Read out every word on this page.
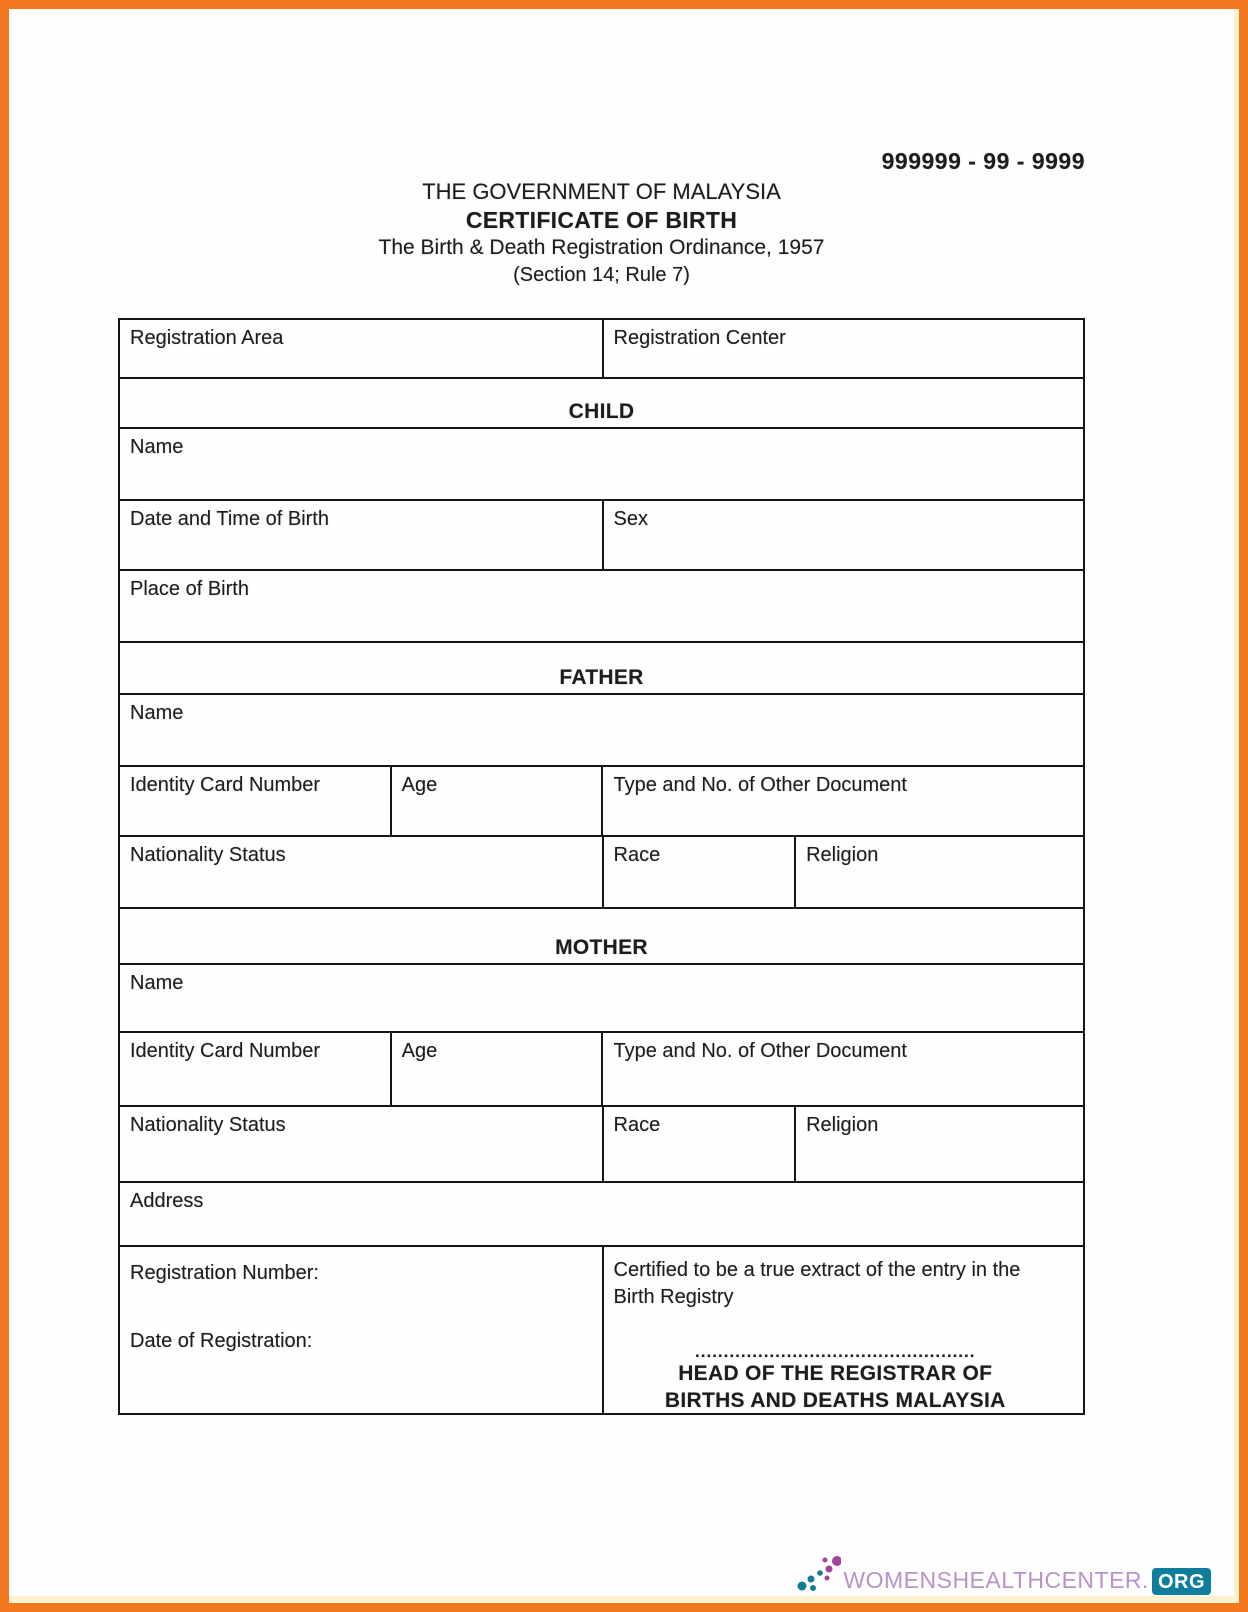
999999 - 99 - 9999
THE GOVERNMENT OF MALAYSIA
CERTIFICATE OF BIRTH
The Birth & Death Registration Ordinance, 1957
(Section 14; Rule 7)
Registration Area	Registration Center
CHILD
Name
Date and Time of Birth	Sex
Place of Birth
FATHER
Name
Identity Card Number	Age	Type and No. of Other Document
Nationality Status	Race	Religion
MOTHER
Name
Identity Card Number	Age	Type and No. of Other Document
Nationality Status	Race	Religion
Address
Registration Number:
Date of Registration:
Certified to be a true extract of the entry in the Birth Registry
.................................................
HEAD OF THE REGISTRAR OF
BIRTHS AND DEATHS MALAYSIA
WOMENSHEALTHCENTER. ORG
